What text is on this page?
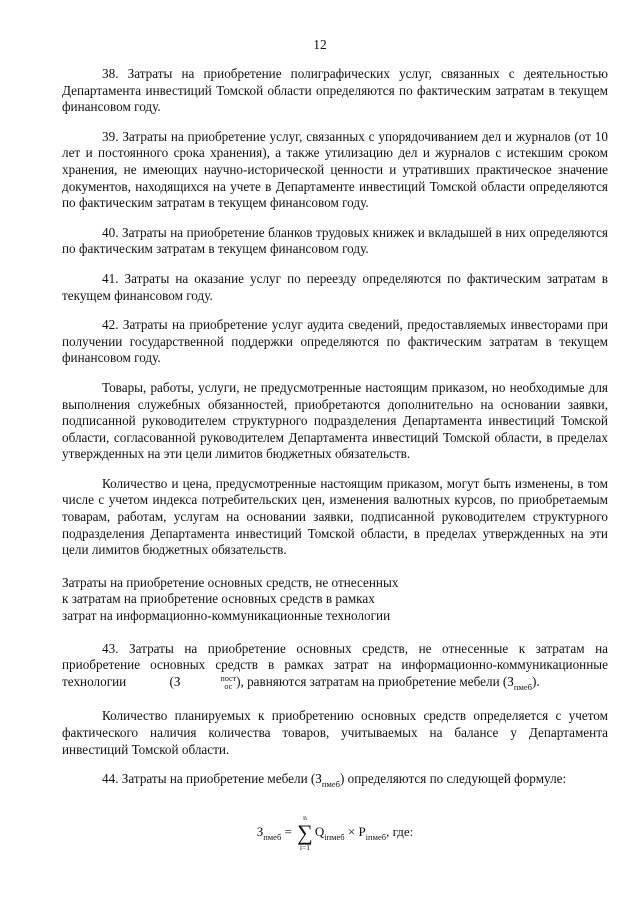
12

38. Затраты на приобретение полиграфических услуг, связанных с деятельностью Департамента инвестиций Томской области определяются по фактическим затратам в текущем финансовом году.

39. Затраты на приобретение услуг, связанных с упорядочиванием дел и журналов (от 10 лет и постоянного срока хранения), а также утилизацию дел и журналов с истекшим сроком хранения, не имеющих научно-исторической ценности и утративших практическое значение документов, находящихся на учете в Департаменте инвестиций Томской области определяются по фактическим затратам в текущем финансовом году.

40. Затраты на приобретение бланков трудовых книжек и вкладышей в них определяются по фактическим затратам в текущем финансовом году.

41. Затраты на оказание услуг по переезду определяются по фактическим затратам в текущем финансовом году.

42. Затраты на приобретение услуг аудита сведений, предоставляемых инвесторами при получении государственной поддержки определяются по фактическим затратам в текущем финансовом году.

Товары, работы, услуги, не предусмотренные настоящим приказом, но необходимые для выполнения служебных обязанностей, приобретаются дополнительно на основании заявки, подписанной руководителем структурного подразделения Департамента инвестиций Томской области, согласованной руководителем Департамента инвестиций Томской области, в пределах утвержденных на эти цели лимитов бюджетных обязательств.

Количество и цена, предусмотренные настоящим приказом, могут быть изменены, в том числе с учетом индекса потребительских цен, изменения валютных курсов, по приобретаемым товарам, работам, услугам на основании заявки, подписанной руководителем структурного подразделения Департамента инвестиций Томской области, в пределах утвержденных на эти цели лимитов бюджетных обязательств.

Затраты на приобретение основных средств, не отнесенных
к затратам на приобретение основных средств в рамках
затрат на информационно-коммуникационные технологии

43. Затраты на приобретение основных средств, не отнесенные к затратам на приобретение основных средств в рамках затрат на информационно-коммуникационные технологии	(З	пост
ос ), равняются затратам на приобретение мебели $(З_{пмеб})$.

Количество планируемых к приобретению основных средств определяется с учетом фактического наличия количества товаров, учитываемых на балансе у Департамента инвестиций Томской области.

44. Затраты на приобретение мебели $(З_{пмеб})$ определяются по следующей формуле:

$З_{пмеб}$ =
n
∑
i=1
$Q_{iпмеб} \times P_{iпмеб}$, где:
